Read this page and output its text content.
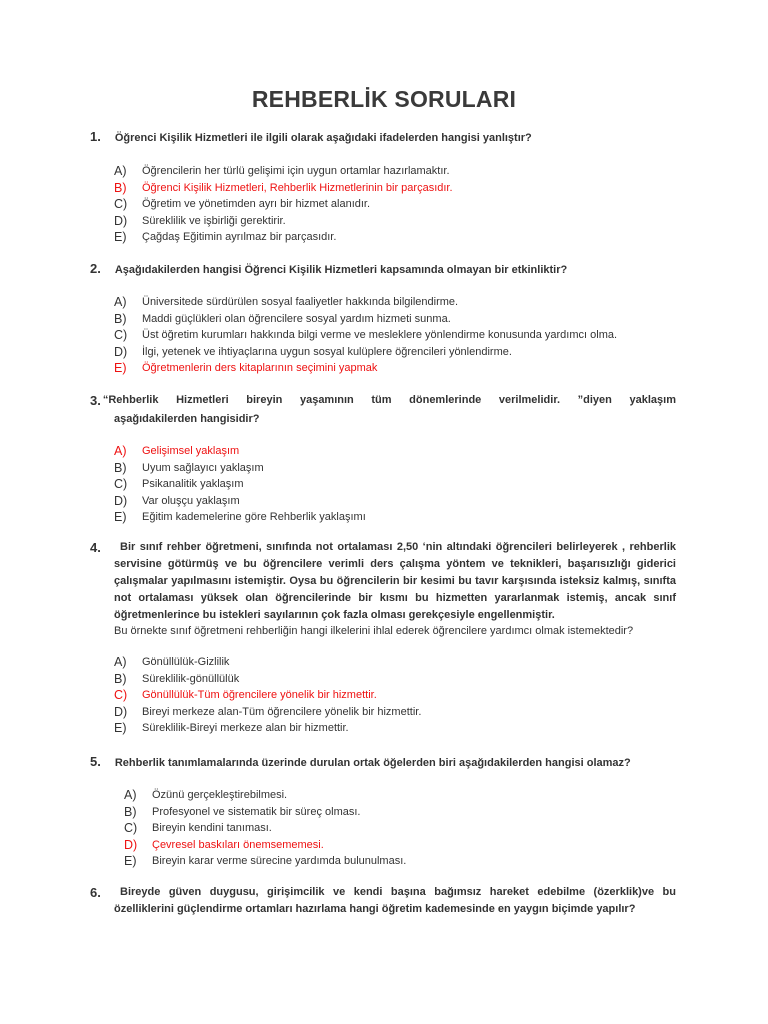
REHBERLİK SORULARI
1. Öğrenci Kişilik Hizmetleri ile ilgili olarak aşağıdaki ifadelerden hangisi yanlıştır?
A) Öğrencilerin her türlü gelişimi için uygun ortamlar hazırlamaktır.
B) Öğrenci Kişilik Hizmetleri, Rehberlik Hizmetlerinin bir parçasıdır.
C) Öğretim ve yönetimden ayrı bir hizmet alanıdır.
D) Süreklilik ve işbirliği gerektirir.
E) Çağdaş Eğitimin ayrılmaz bir parçasıdır.
2. Aşağıdakilerden hangisi Öğrenci Kişilik Hizmetleri kapsamında olmayan bir etkinliktir?
A) Üniversitede sürdürülen sosyal faaliyetler hakkında bilgilendirme.
B) Maddi güçlükleri olan öğrencilere sosyal yardım hizmeti sunma.
C) Üst öğretim kurumları hakkında bilgi verme ve mesleklere yönlendirme konusunda yardımcı olma.
D) İlgi, yetenek ve ihtiyaçlarına uygun sosyal kulüplere öğrencileri yönlendirme.
E) Öğretmenlerin ders kitaplarının seçimini yapmak
3. “Rehberlik Hizmetleri bireyin yaşamının tüm dönemlerinde verilmelidir. ”diyen yaklaşım
aşağıdakilerden hangisidir?
A) Gelişimsel yaklaşım
B) Uyum sağlayıcı yaklaşım
C) Psikanalitik yaklaşım
D) Var oluşçu yaklaşım
E) Eğitim kademelerine göre Rehberlik yaklaşımı
4.	Bir sınıf rehber öğretmeni, sınıfında not ortalaması 2,50 ‘nin altındaki öğrencileri belirleyerek , rehberlik servisine götürmüş ve bu öğrencilere verimli ders çalışma yöntem ve teknikleri, başarısızlığı giderici çalışmalar yapılmasını istemiştir. Oysa bu öğrencilerin bir kesimi bu tavır karşısında isteksiz kalmış, sınıfta not ortalaması yüksek olan öğrencilerinde bir kısmı bu hizmetten yararlanmak istemiş, ancak sınıf öğretmenlerince bu istekleri sayılarının çok fazla olması gerekçesiyle engellenmiştir.
Bu örnekte sınıf öğretmeni rehberliğin hangi ilkelerini ihlal ederek öğrencilere yardımcı olmak istemektedir?
A) Gönüllülük-Gizlilik
B) Süreklilik-gönüllülük
C) Gönüllülük-Tüm öğrencilere yönelik bir hizmettir.
D) Bireyi merkeze alan-Tüm öğrencilere yönelik bir hizmettir.
E) Süreklilik-Bireyi merkeze alan bir hizmettir.
5. Rehberlik tanımlamalarında üzerinde durulan ortak öğelerden biri aşağıdakilerden hangisi olamaz?
A) Özünü gerçekleştirebilmesi.
B) Profesyonel ve sistematik bir süreç olması.
C) Bireyin kendini tanıması.
D) Çevresel baskıları önemsememesi.
E) Bireyin karar verme sürecine yardımda bulunulması.
6.	Bireyde güven duygusu, girişimcilik ve kendi başına bağımsız hareket edebilme (özerklik)ve bu özelliklerini güçlendirme ortamları hazırlama hangi öğretim kademesinde en yaygın biçimde yapılır?
